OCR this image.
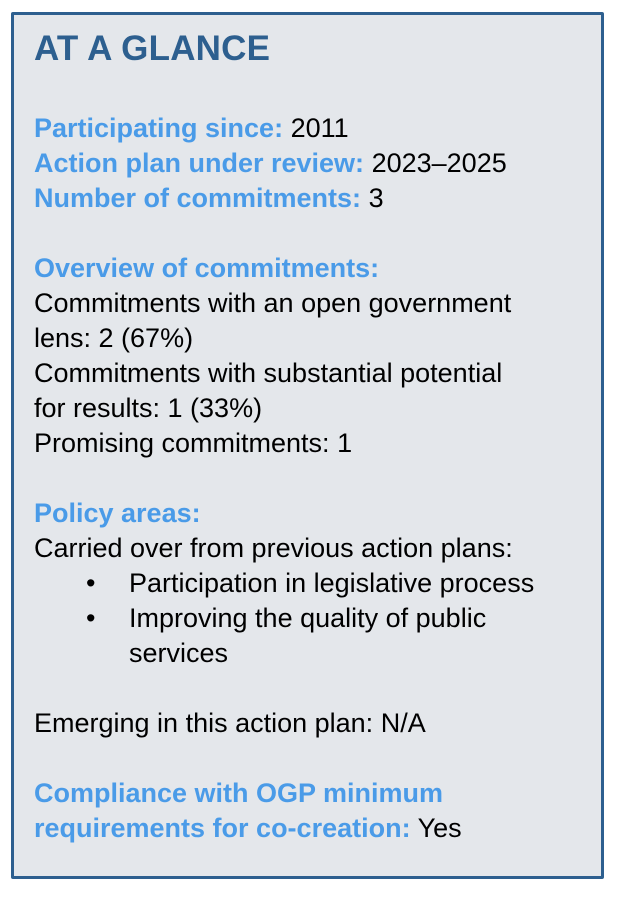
AT A GLANCE
Participating since: 2011
Action plan under review: 2023–2025
Number of commitments: 3
Overview of commitments:
Commitments with an open government
lens: 2 (67%)
Commitments with substantial potential
for results: 1 (33%)
Promising commitments: 1
Policy areas:
Carried over from previous action plans:
• Participation in legislative process
• Improving the quality of public
services
Emerging in this action plan: N/A
Compliance with OGP minimum
requirements for co-creation: Yes
